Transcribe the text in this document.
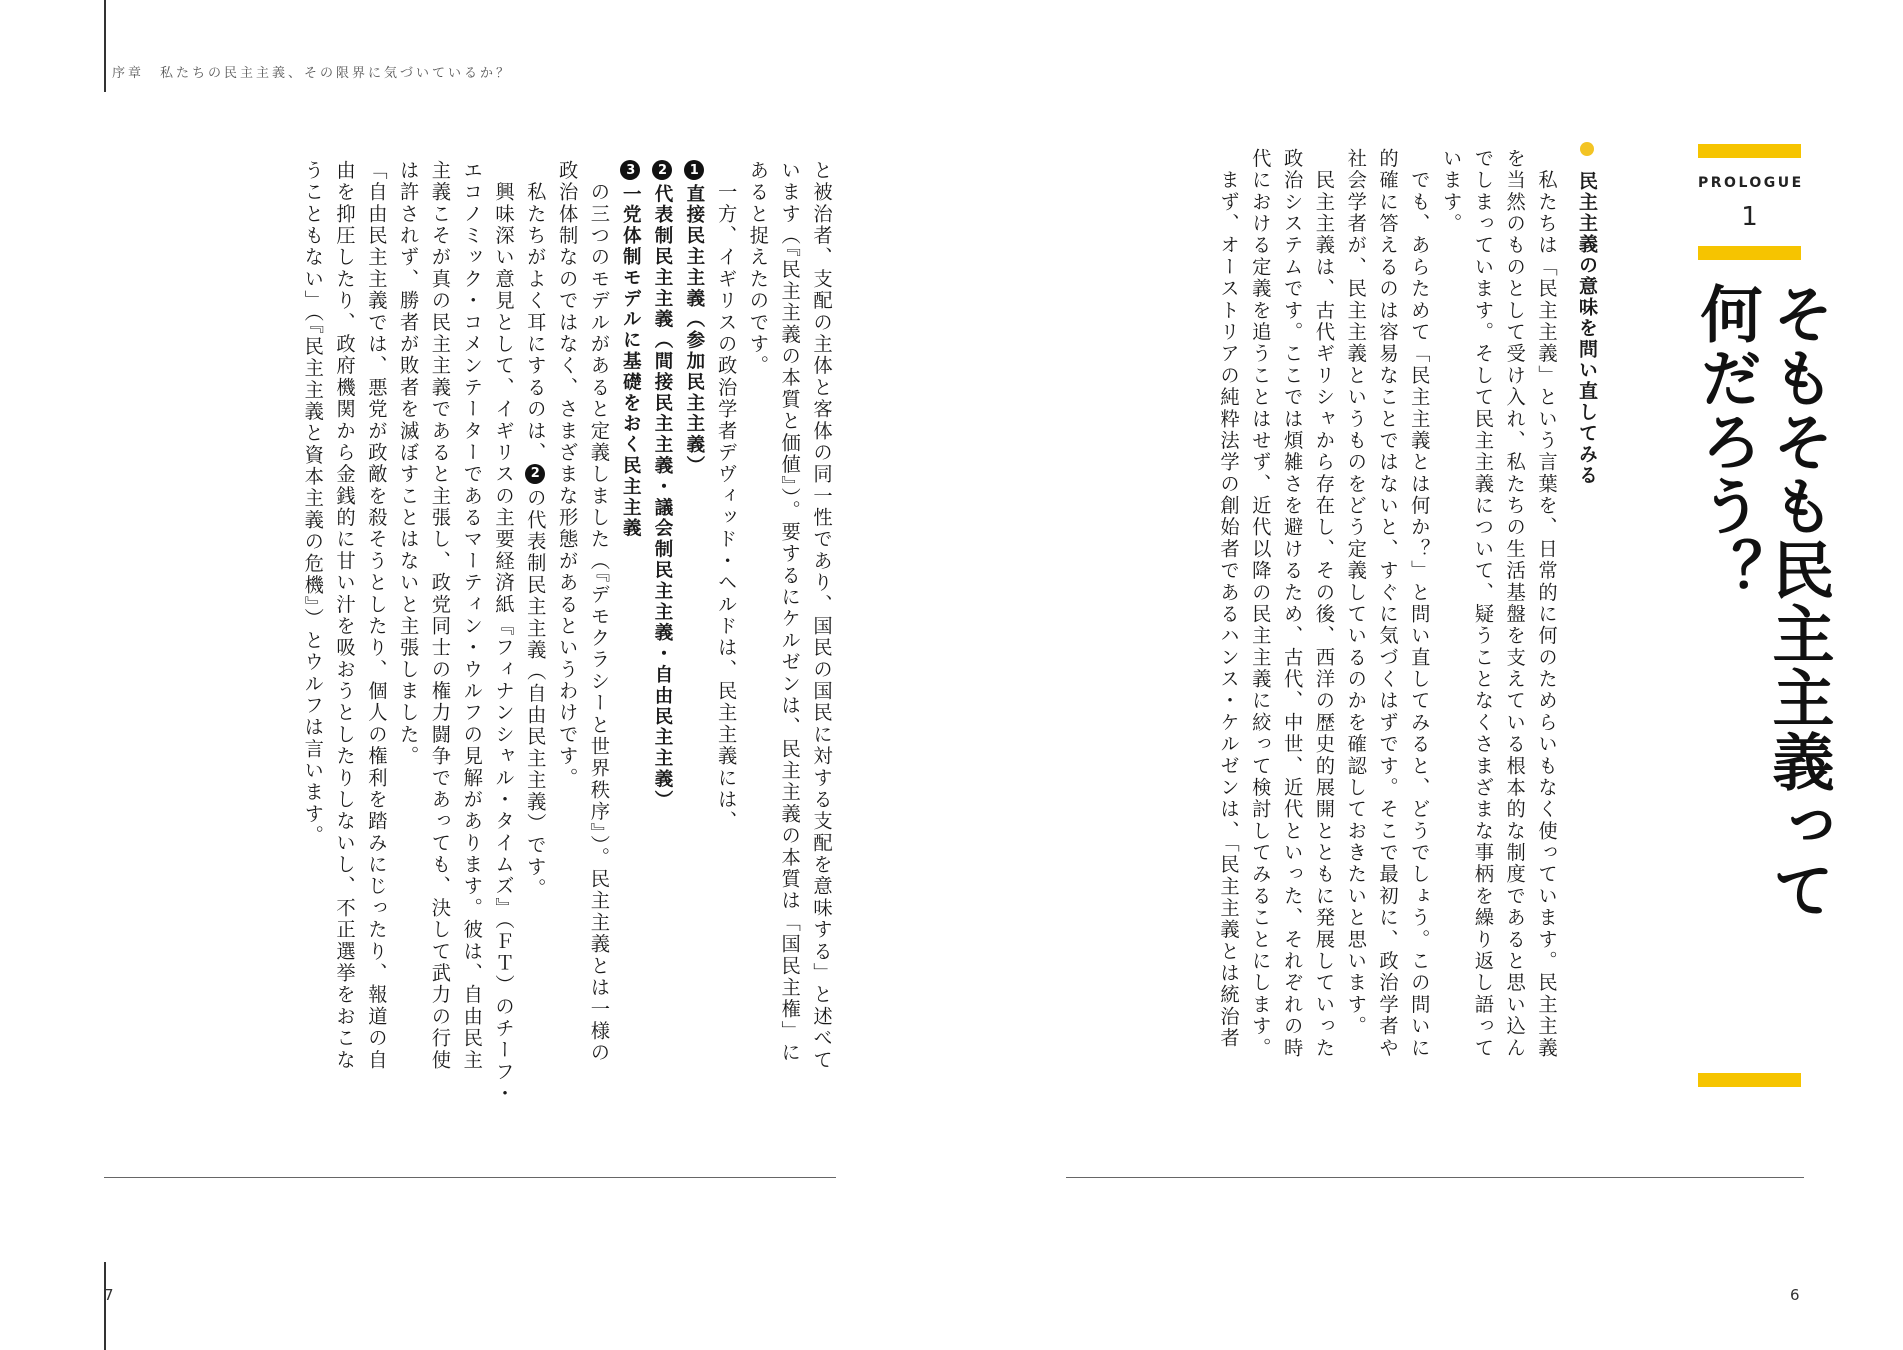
序章　私たちの民主主義、その限界に気づいているか？
7	6
PROLOGUE
1
そもそも民主主義って
何だろう？
民主主義の意味を問い直してみる

　私たちは「民主主義」という言葉を、日常的に何のためらいもなく使っています。民主主義

を当然のものとして受け入れ、私たちの生活基盤を支えている根本的な制度であると思い込ん

でしまっています。そして民主主義について、疑うことなくさまざまな事柄を繰り返し語って

います。

　でも、あらためて「民主主義とは何か？」と問い直してみると、どうでしょう。この問いに

的確に答えるのは容易なことではないと、すぐに気づくはずです。そこで最初に、政治学者や

社会学者が、民主主義というものをどう定義しているのかを確認しておきたいと思います。

　民主主義は、古代ギリシャから存在し、その後、西洋の歴史的展開とともに発展していった

政治システムです。ここでは煩雑さを避けるため、古代、中世、近代といった、それぞれの時

代における定義を追うことはせず、近代以降の民主主義に絞って検討してみることにします。

　まず、オーストリアの純粋法学の創始者であるハンス・ケルゼンは、「民主主義とは統治者

と被治者、支配の主体と客体の同一性であり、国民の国民に対する支配を意味する」と述べて

います（『民主主義の本質と価値』）。要するにケルゼンは、民主主義の本質は「国民主権」に

あると捉えたのです。

　一方、イギリスの政治学者デヴィッド・ヘルドは、民主主義には、

1直接民主主義（参加民主主義）

2代表制民主主義（間接民主主義・議会制民主主義・自由民主主義）

3一党体制モデルに基礎をおく民主主義

　の三つのモデルがあると定義しました（『デモクラシーと世界秩序』）。民主主義とは一様の

政治体制なのではなく、さまざまな形態があるというわけです。

　私たちがよく耳にするのは、2の代表制民主主義（自由民主主義）です。

　興味深い意見として、イギリスの主要経済紙『フィナンシャル・タイムズ』（ＦＴ）のチーフ・

エコノミック・コメンテーターであるマーティン・ウルフの見解があります。彼は、自由民主

主義こそが真の民主主義であると主張し、政党同士の権力闘争であっても、決して武力の行使

は許されず、勝者が敗者を滅ぼすことはないと主張しました。

「自由民主主義では、悪党が政敵を殺そうとしたり、個人の権利を踏みにじったり、報道の自

由を抑圧したり、政府機関から金銭的に甘い汁を吸おうとしたりしないし、不正選挙をおこな

うこともない」（『民主主義と資本主義の危機』）とウルフは言います。
